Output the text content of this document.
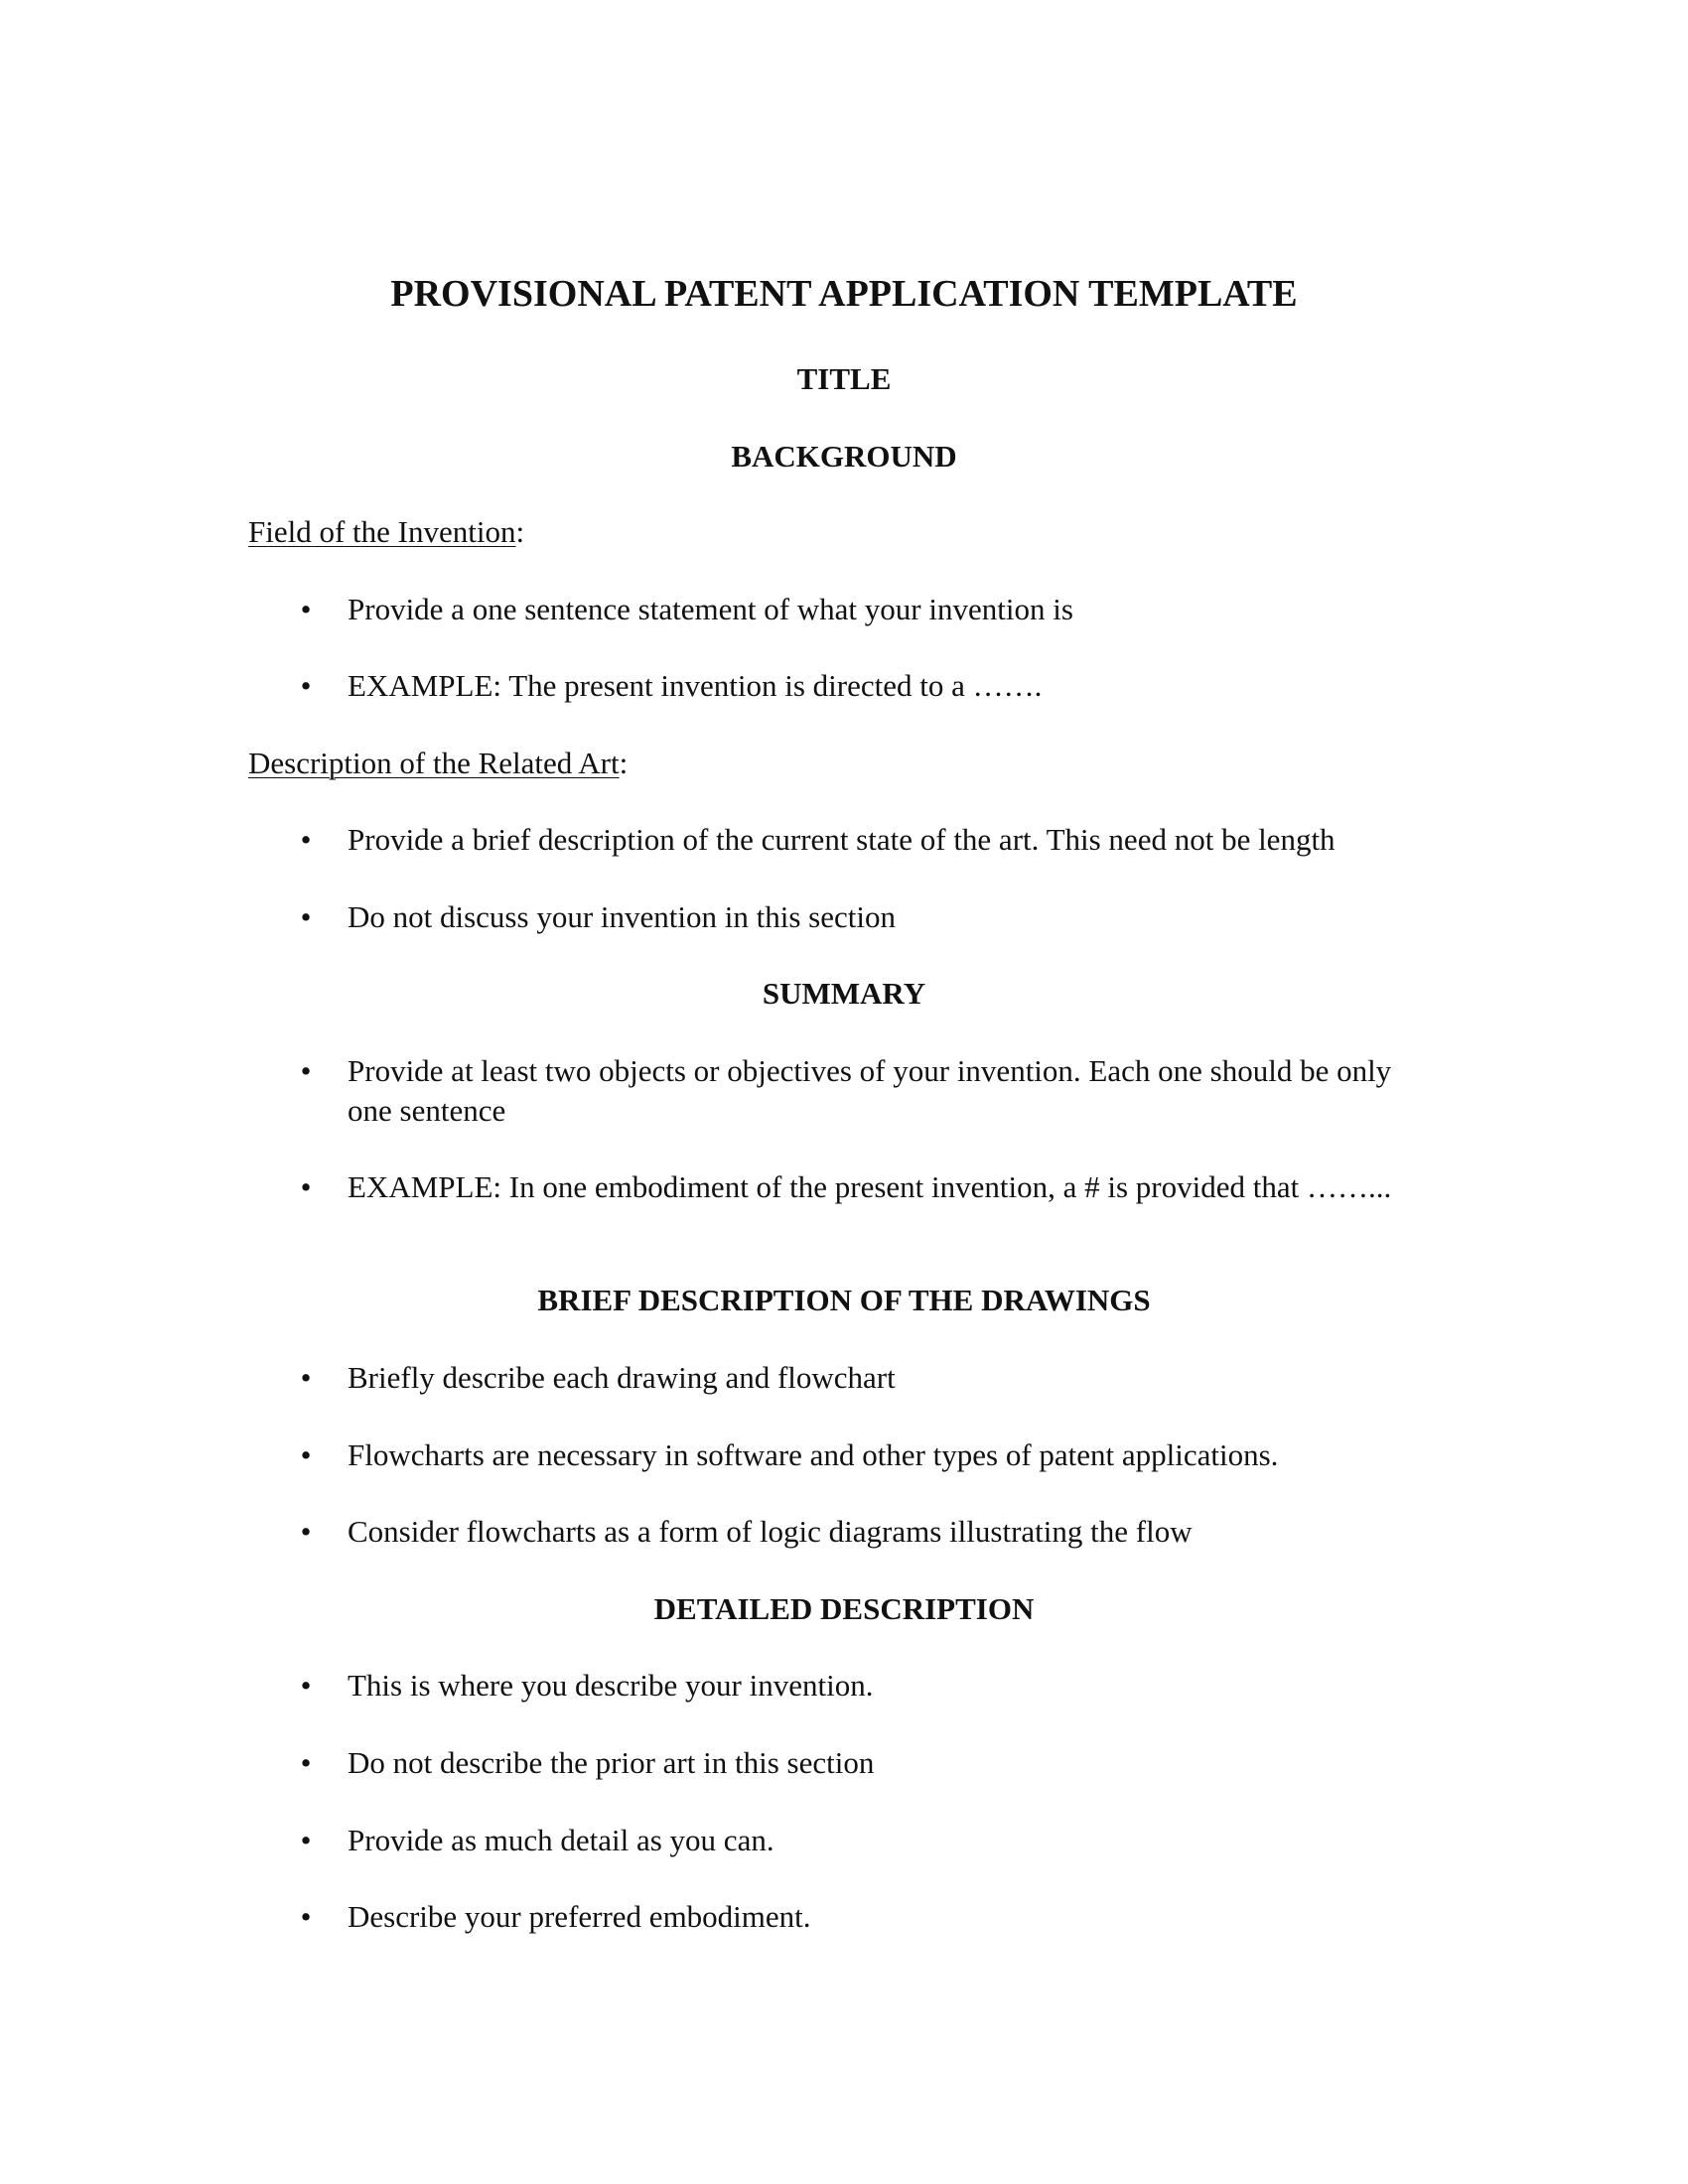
PROVISIONAL PATENT APPLICATION TEMPLATE
TITLE
BACKGROUND
Field of the Invention:
• Provide a one sentence statement of what your invention is
• EXAMPLE: The present invention is directed to a …….
Description of the Related Art:
• Provide a brief description of the current state of the art. This need not be length
• Do not discuss your invention in this section
SUMMARY
• Provide at least two objects or objectives of your invention. Each one should be only one sentence
• EXAMPLE: In one embodiment of the present invention, a # is provided that ……...
BRIEF DESCRIPTION OF THE DRAWINGS
• Briefly describe each drawing and flowchart
• Flowcharts are necessary in software and other types of patent applications.
• Consider flowcharts as a form of logic diagrams illustrating the flow
DETAILED DESCRIPTION
• This is where you describe your invention.
• Do not describe the prior art in this section
• Provide as much detail as you can.
• Describe your preferred embodiment.
